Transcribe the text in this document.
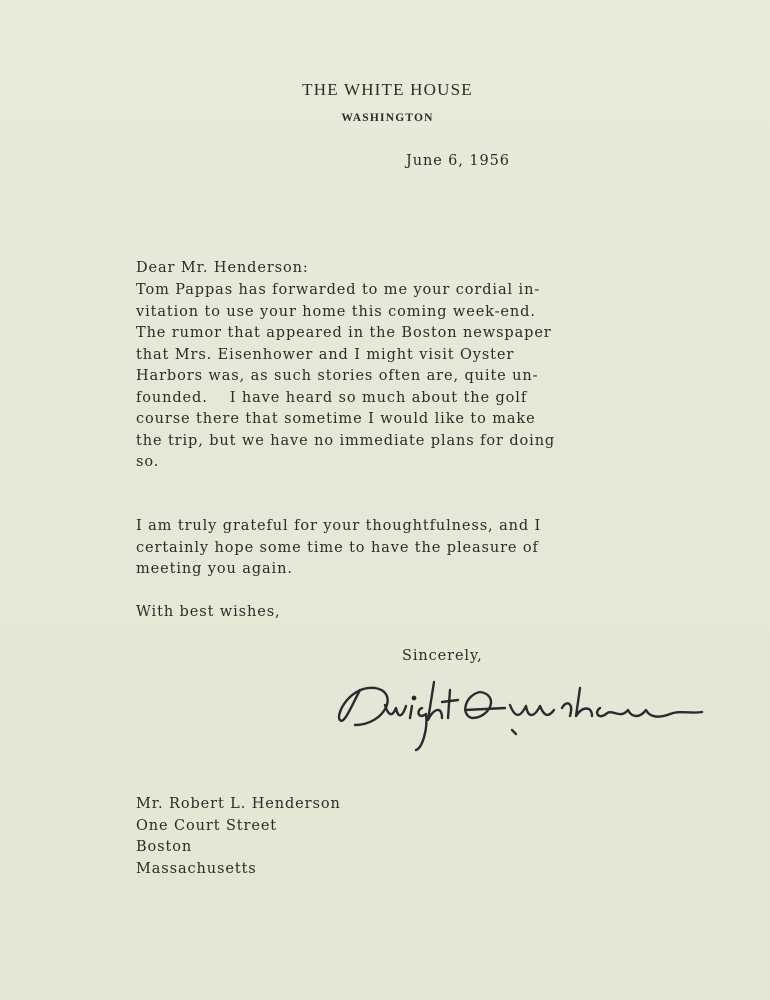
THE WHITE HOUSE
WASHINGTON
June 6, 1956
Dear Mr. Henderson:
Tom Pappas has forwarded to me your cordial in-
vitation to use your home this coming week-end.
The rumor that appeared in the Boston newspaper
that Mrs. Eisenhower and I might visit Oyster
Harbors was, as such stories often are, quite un-
founded.    I have heard so much about the golf
course there that sometime I would like to make
the trip, but we have no immediate plans for doing
so.
I am truly grateful for your thoughtfulness, and I
certainly hope some time to have the pleasure of
meeting you again.
With best wishes,
Sincerely,
Mr. Robert L. Henderson
One Court Street
Boston
Massachusetts
